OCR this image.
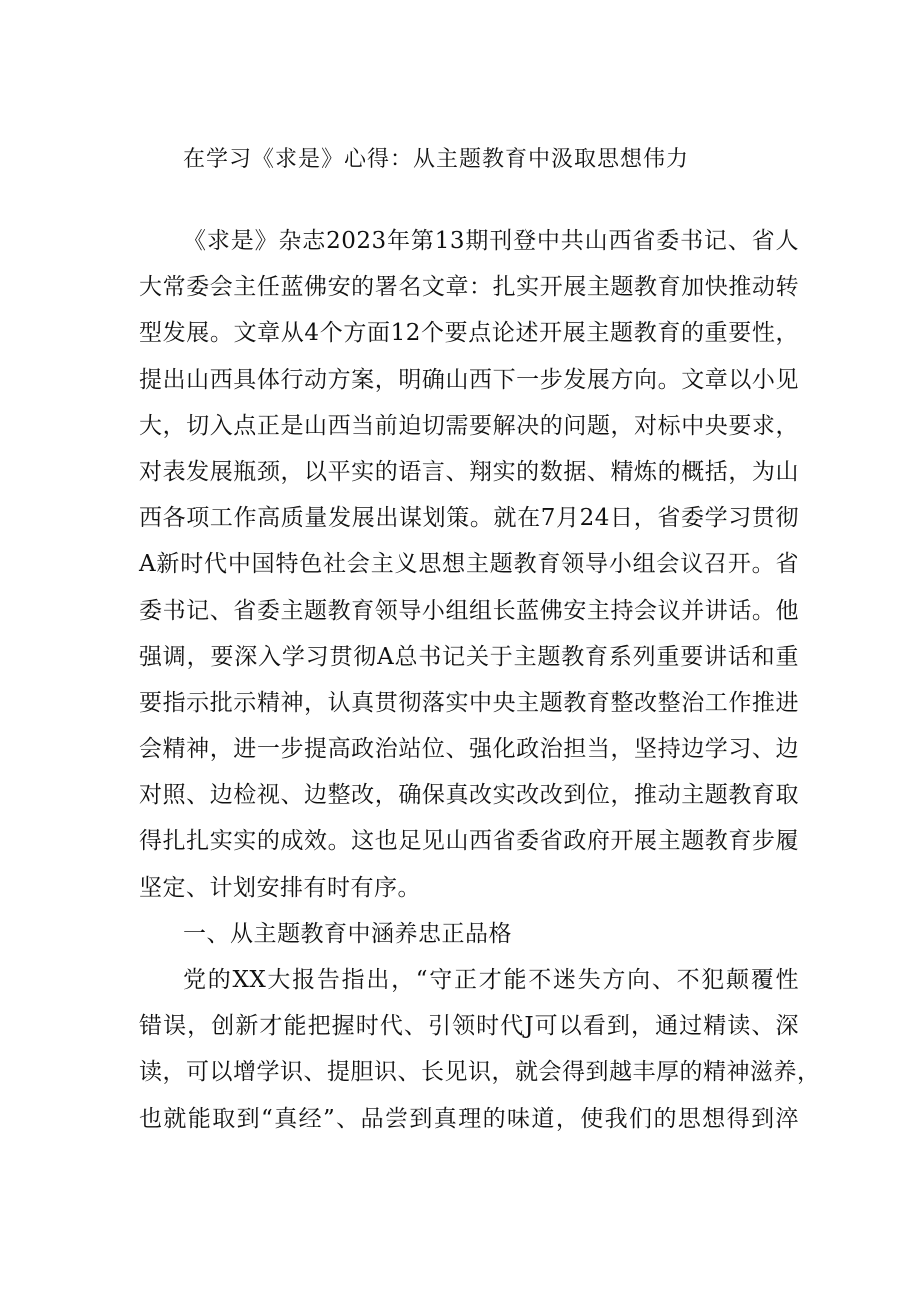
在学习《求是》心得：从主题教育中汲取思想伟力
《求是》杂志2023年第13期刊登中共山西省委书记、省人
大常委会主任蓝佛安的署名文章：扎实开展主题教育加快推动转
型发展。文章从4个方面12个要点论述开展主题教育的重要性，
提出山西具体行动方案，明确山西下一步发展方向。文章以小见
大，切入点正是山西当前迫切需要解决的问题，对标中央要求，
对表发展瓶颈，以平实的语言、翔实的数据、精炼的概括，为山
西各项工作高质量发展出谋划策。就在7月24日，省委学习贯彻
A新时代中国特色社会主义思想主题教育领导小组会议召开。省
委书记、省委主题教育领导小组组长蓝佛安主持会议并讲话。他
强调，要深入学习贯彻A总书记关于主题教育系列重要讲话和重
要指示批示精神，认真贯彻落实中央主题教育整改整治工作推进
会精神，进一步提高政治站位、强化政治担当，坚持边学习、边
对照、边检视、边整改，确保真改实改改到位，推动主题教育取
得扎扎实实的成效。这也足见山西省委省政府开展主题教育步履
坚定、计划安排有时有序。
一、从主题教育中涵养忠正品格
党的XX大报告指出，“守正才能不迷失方向、不犯颠覆性
错误，创新才能把握时代、引领时代J可以看到，通过精读、深
读，可以增学识、提胆识、长见识，就会得到越丰厚的精神滋养，
也就能取到“真经”、品尝到真理的味道，使我们的思想得到淬
